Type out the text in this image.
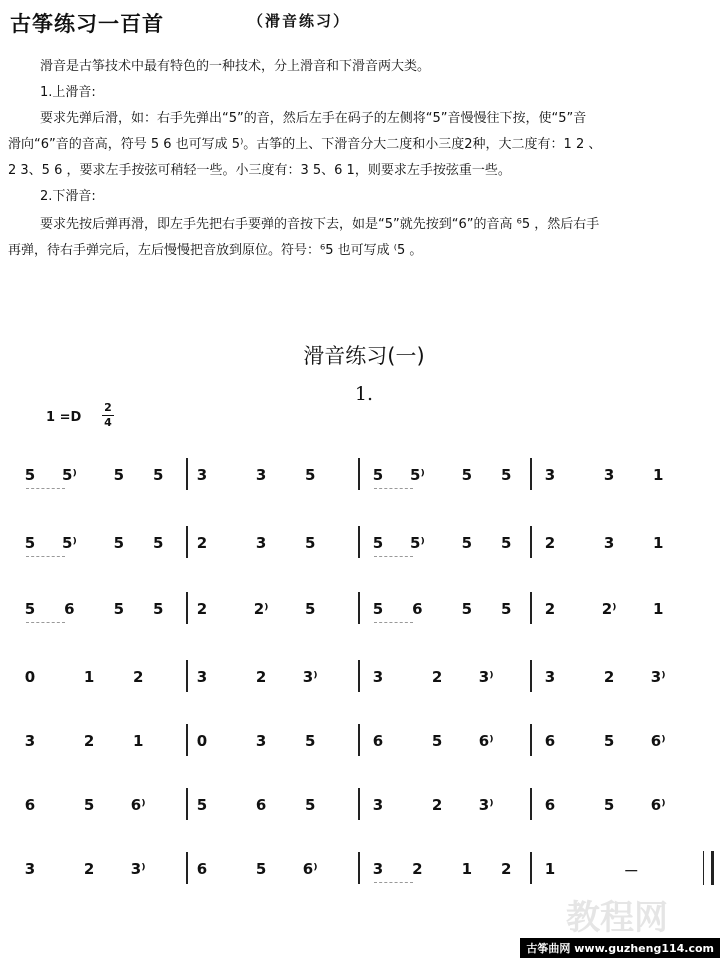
古筝练习一百首	（滑音练习）
滑音是古筝技术中最有特色的一种技术，分上滑音和下滑音两大类。
1.上滑音:
要求先弹后滑，如：右手先弹出“5”的音，然后左手在码子的左侧将“5”音慢慢往下按，使“5”音
滑向“6”音的音高，符号 5 6 也可写成 5⁾。古筝的上、下滑音分大二度和小三度2种，大二度有：1 2 、
2 3、5 6 ，要求左手按弦可稍轻一些。小三度有：3 5、6 1，则要求左手按弦重一些。
2.下滑音:
要求先按后弹再滑，即左手先把右手要弹的音按下去，如是“5”就先按到“6”的音高 ⁶5 ，然后右手
再弹，待右手弹完后，左后慢慢把音放到原位。符号：⁶5 也可写成 ⁽5 。
滑音练习(一)
1.
1 =D
2
4
5 5⁾ 5 5 3	3	5	5 5⁾ 5 5 3	3	1
5 5⁾ 5 5 2	3	5	5 5⁾ 5 5 2	3	1
5 6	5 5 2	2⁾ 5	5 6	5 5 2	2⁾ 1
0	1	2	3	2 3⁾	3	2 3⁾	3	2 3⁾
3	2	1	0	3	5	6	5 6⁾	6	5 6⁾
6	5 6⁾	5	6	5	3	2 3⁾	6	5 6⁾
3	2 3⁾	6	5 6⁾	3 2	1 2 1	－
教程网
古筝曲网 www.guzheng114.com
